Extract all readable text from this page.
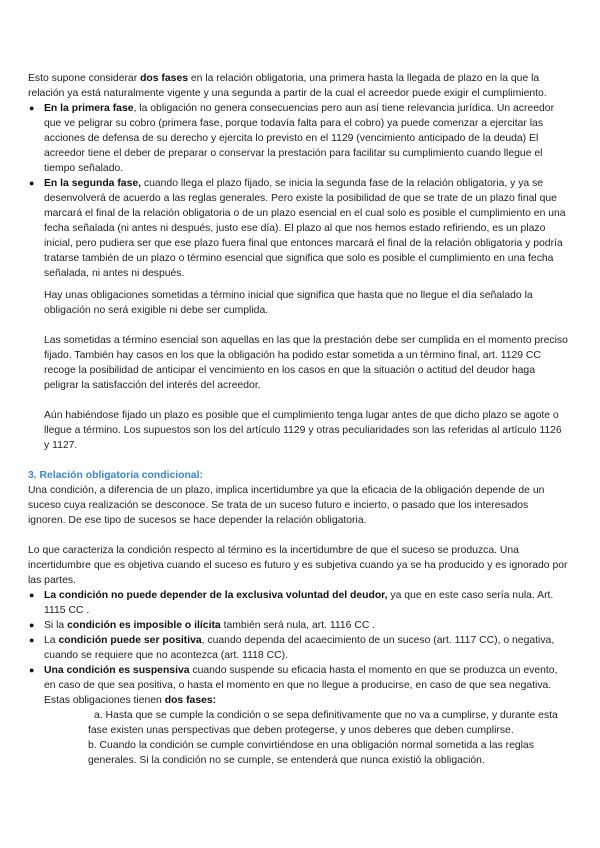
Esto supone considerar dos fases en la relación obligatoria, una primera hasta la llegada de plazo en la que la relación ya está naturalmente vigente y una segunda a partir de la cual el acreedor puede exigir el cumplimiento.

● En la primera fase, la obligación no genera consecuencias pero aun así tiene relevancia jurídica. Un acreedor que ve peligrar su cobro (primera fase, porque todavía falta para el cobro) ya puede comenzar a ejercitar las acciones de defensa de su derecho y ejercita lo previsto en el 1129 (vencimiento anticipado de la deuda) El acreedor tiene el deber de preparar o conservar la prestación para facilitar su cumplimiento cuando llegue el tiempo señalado.
● En la segunda fase, cuando llega el plazo fijado, se inicia la segunda fase de la relación obligatoria, y ya se desenvolverá de acuerdo a las reglas generales. Pero existe la posibilidad de que se trate de un plazo final que marcará el final de la relación obligatoria o de un plazo esencial en el cual solo es posible el cumplimiento en una fecha señalada (ni antes ni después, justo ese día). El plazo al que nos hemos estado refiriendo, es un plazo inicial, pero pudiera ser que ese plazo fuera final que entonces marcará el final de la relación obligatoria y podría tratarse también de un plazo o término esencial que significa que solo es posible el cumplimiento en una fecha señalada, ni antes ni después.

Hay unas obligaciones sometidas a término inicial que significa que hasta que no llegue el día señalado la obligación no será exigible ni debe ser cumplida.

Las sometidas a término esencial son aquellas en las que la prestación debe ser cumplida en el momento preciso fijado. También hay casos en los que la obligación ha podido estar sometida a un término final, art. 1129 CC recoge la posibilidad de anticipar el vencimiento en los casos en que la situación o actitud del deudor haga peligrar la satisfacción del interés del acreedor.

Aún habiéndose fijado un plazo es posible que el cumplimiento tenga lugar antes de que dicho plazo se agote o llegue a término. Los supuestos son los del artículo 1129 y otras peculiaridades son las referidas al artículo 1126 y 1127.

3. Relación obligatoria condicional:

Una condición, a diferencia de un plazo, implica incertidumbre ya que la eficacia de la obligación depende de un suceso cuya realización se desconoce. Se trata de un suceso futuro e incierto, o pasado que los interesados ignoren. De ese tipo de sucesos se hace depender la relación obligatoria.

Lo que caracteriza la condición respecto al término es la incertidumbre de que el suceso se produzca. Una incertidumbre que es objetiva cuando el suceso es futuro y es subjetiva cuando ya se ha producido y es ignorado por las partes.

● La condición no puede depender de la exclusiva voluntad del deudor, ya que en este caso sería nula. Art. 1115 CC .
● Si la condición es imposible o ilícita también será nula, art. 1116 CC .
● La condición puede ser positiva, cuando dependa del acaecimiento de un suceso (art. 1117 CC), o negativa, cuando se requiere que no acontezca (art. 1118 CC).
● Una condición es suspensiva cuando suspende su eficacia hasta el momento en que se produzca un evento, en caso de que sea positiva, o hasta el momento en que no llegue a producirse, en caso de que sea negativa. Estas obligaciones tienen dos fases:

a. Hasta que se cumple la condición o se sepa definitivamente que no va a cumplirse, y durante esta fase existen unas perspectivas que deben protegerse, y unos deberes que deben cumplirse.

b. Cuando la condición se cumple convirtiéndose en una obligación normal sometida a las reglas generales. Si la condición no se cumple, se entenderá que nunca existió la obligación.
